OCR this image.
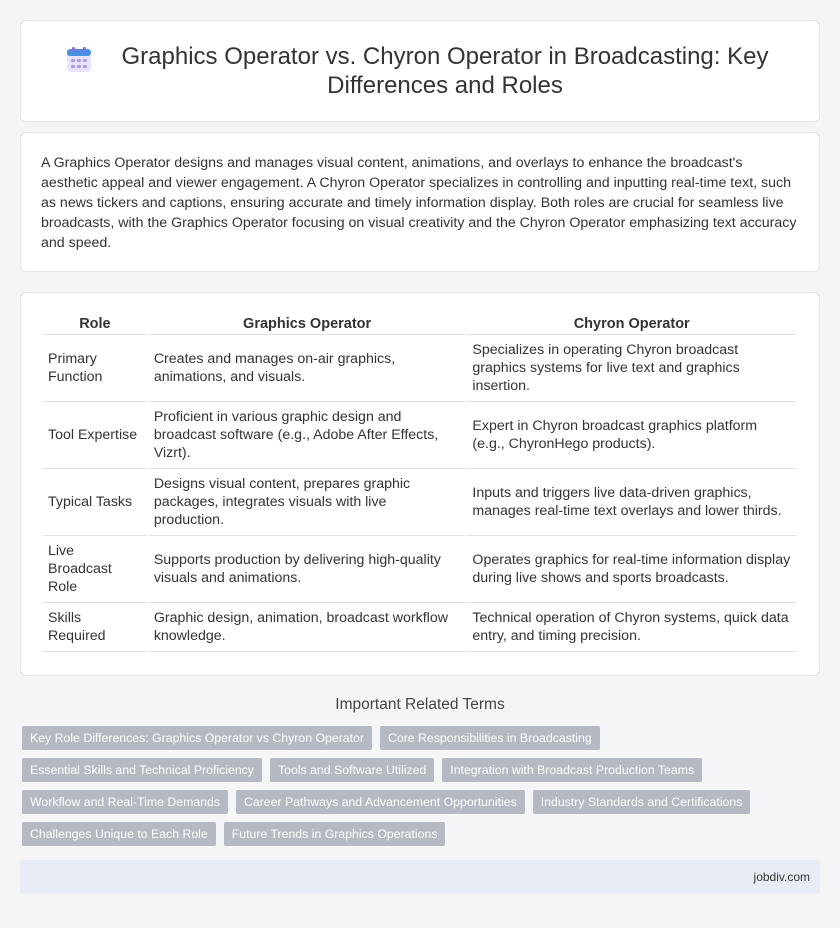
Graphics Operator vs. Chyron Operator in Broadcasting: Key Differences and Roles

A Graphics Operator designs and manages visual content, animations, and overlays to enhance the broadcast's aesthetic appeal and viewer engagement. A Chyron Operator specializes in controlling and inputting real-time text, such as news tickers and captions, ensuring accurate and timely information display. Both roles are crucial for seamless live broadcasts, with the Graphics Operator focusing on visual creativity and the Chyron Operator emphasizing text accuracy and speed.

Role	Graphics Operator	Chyron Operator
Primary Function	Creates and manages on-air graphics, animations, and visuals.	Specializes in operating Chyron broadcast graphics systems for live text and graphics insertion.
Tool Expertise	Proficient in various graphic design and broadcast software (e.g., Adobe After Effects, Vizrt).	Expert in Chyron broadcast graphics platform (e.g., ChyronHego products).
Typical Tasks	Designs visual content, prepares graphic packages, integrates visuals with live production.	Inputs and triggers live data-driven graphics, manages real-time text overlays and lower thirds.
Live Broadcast Role	Supports production by delivering high-quality visuals and animations.	Operates graphics for real-time information display during live shows and sports broadcasts.
Skills Required	Graphic design, animation, broadcast workflow knowledge.	Technical operation of Chyron systems, quick data entry, and timing precision.
Important Related Terms
Key Role Differences: Graphics Operator vs Chyron Operator	Core Responsibilities in Broadcasting
Essential Skills and Technical Proficiency	Tools and Software Utilized	Integration with Broadcast Production Teams
Workflow and Real-Time Demands	Career Pathways and Advancement Opportunities	Industry Standards and Certifications
Challenges Unique to Each Role	Future Trends in Graphics Operations
jobdiv.com
